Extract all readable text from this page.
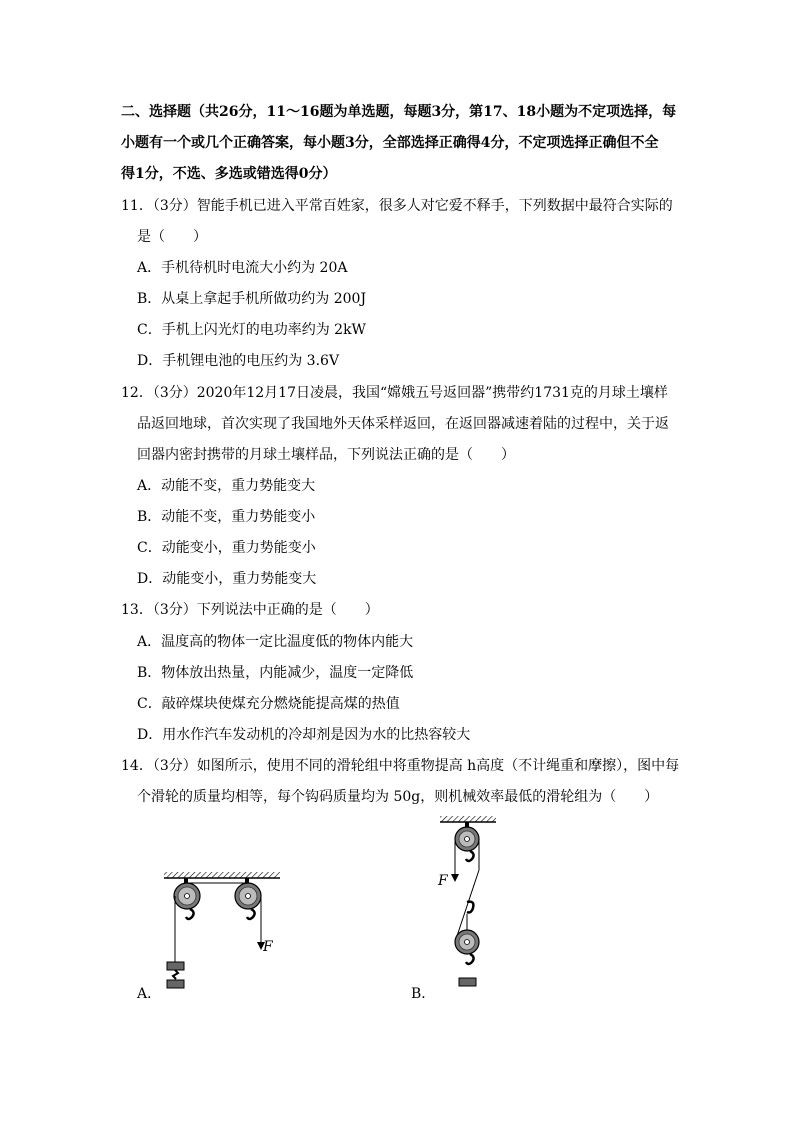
二、选择题（共26分，11～16题为单选题，每题3分，第17、18小题为不定项选择，每
小题有一个或几个正确答案，每小题3分，全部选择正确得4分，不定项选择正确但不全
得1分，不选、多选或错选得0分）
11．（3分）智能手机已进入平常百姓家，很多人对它爱不释手，下列数据中最符合实际的
是（　　）
A．手机待机时电流大小约为 20A
B．从桌上拿起手机所做功约为 200J
C．手机上闪光灯的电功率约为 2kW
D．手机锂电池的电压约为 3.6V
12．（3分）2020年12月17日凌晨，我国“嫦娥五号返回器”携带约1731克的月球土壤样
品返回地球，首次实现了我国地外天体采样返回，在返回器减速着陆的过程中，关于返
回器内密封携带的月球土壤样品，下列说法正确的是（　　）
A．动能不变，重力势能变大
B．动能不变，重力势能变小
C．动能变小，重力势能变小
D．动能变小，重力势能变大
13．（3分）下列说法中正确的是（　　）
A．温度高的物体一定比温度低的物体内能大
B．物体放出热量，内能减少，温度一定降低
C．敲碎煤块使煤充分燃烧能提高煤的热值
D．用水作汽车发动机的冷却剂是因为水的比热容较大
14．（3分）如图所示，使用不同的滑轮组中将重物提高 h高度（不计绳重和摩擦），图中每
个滑轮的质量均相等，每个钩码质量均为 50g，则机械效率最低的滑轮组为（　　）
F
A．
F
B．
